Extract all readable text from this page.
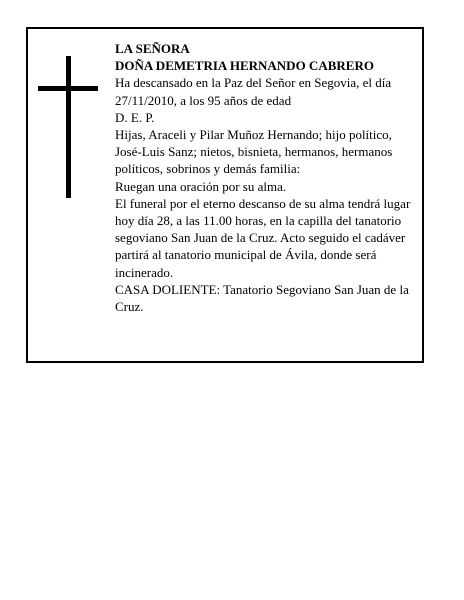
LA SEÑORA

DOÑA DEMETRIA HERNANDO CABRERO

Ha descansado en la Paz del Señor en Segovia, el día 27/11/2010, a los 95 años de edad

D. E. P.

Hijas, Araceli y Pilar Muñoz Hernando; hijo político, José-Luis Sanz; nietos, bisnieta, hermanos, hermanos políticos, sobrinos y demás familia:

Ruegan una oración por su alma.

El funeral por el eterno descanso de su alma tendrá lugar hoy día 28, a las 11.00 horas, en la capilla del tanatorio segoviano San Juan de la Cruz. Acto seguido el cadáver partirá al tanatorio municipal de Ávila, donde será incinerado.

CASA DOLIENTE: Tanatorio Segoviano San Juan de la Cruz.
